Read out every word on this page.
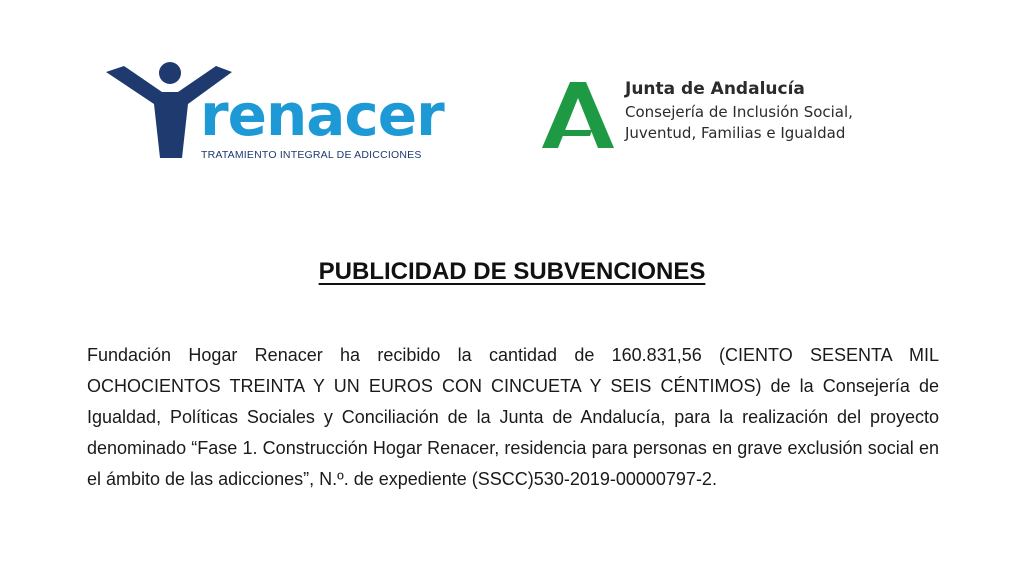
renacer
TRATAMIENTO INTEGRAL DE ADICCIONES
Junta de Andalucía
Consejería de Inclusión Social,
Juventud, Familias e Igualdad
PUBLICIDAD DE SUBVENCIONES

Fundación Hogar Renacer ha recibido la cantidad de 160.831,56 (CIENTO SESENTA MIL OCHOCIENTOS TREINTA Y UN EUROS CON CINCUETA Y SEIS CÉNTIMOS) de la Consejería de Igualdad, Políticas Sociales y Conciliación de la Junta de Andalucía, para la realización del proyecto denominado “Fase 1. Construcción Hogar Renacer, residencia para personas en grave exclusión social en el ámbito de las adicciones”, N.º. de expediente (SSCC)530-2019-00000797-2.
